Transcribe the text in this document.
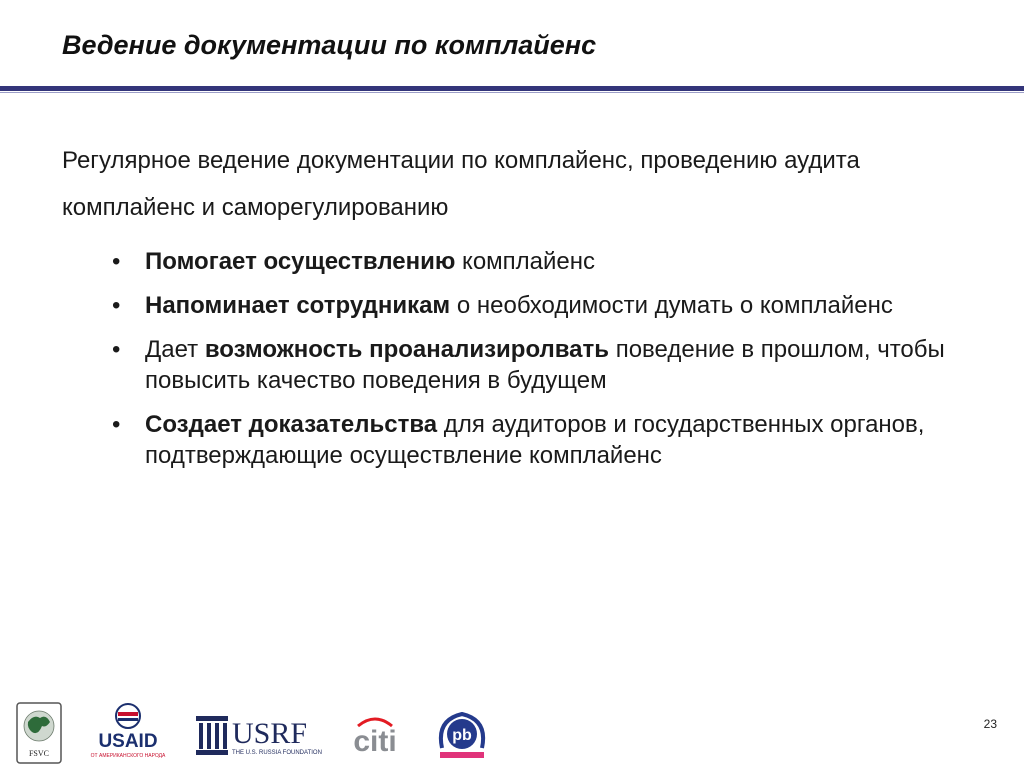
Ведение документации по комплайенс

Регулярное ведение документации по комплайенс, проведению аудита комплайенс и саморегулированию

• Помогает осуществлению комплайенс
• Напоминает сотрудникам о необходимости думать о комплайенс
• Дает возможность проанализиролвать поведение в прошлом, чтобы повысить качество поведения в будущем
• Создает доказательства для аудиторов и государственных органов, подтверждающие осуществление комплайенс
FSVC
USAID
ОТ АМЕРИКАНСКОГО НАРОДА
USRF
THE U.S. RUSSIA FOUNDATION citi	pb
23
